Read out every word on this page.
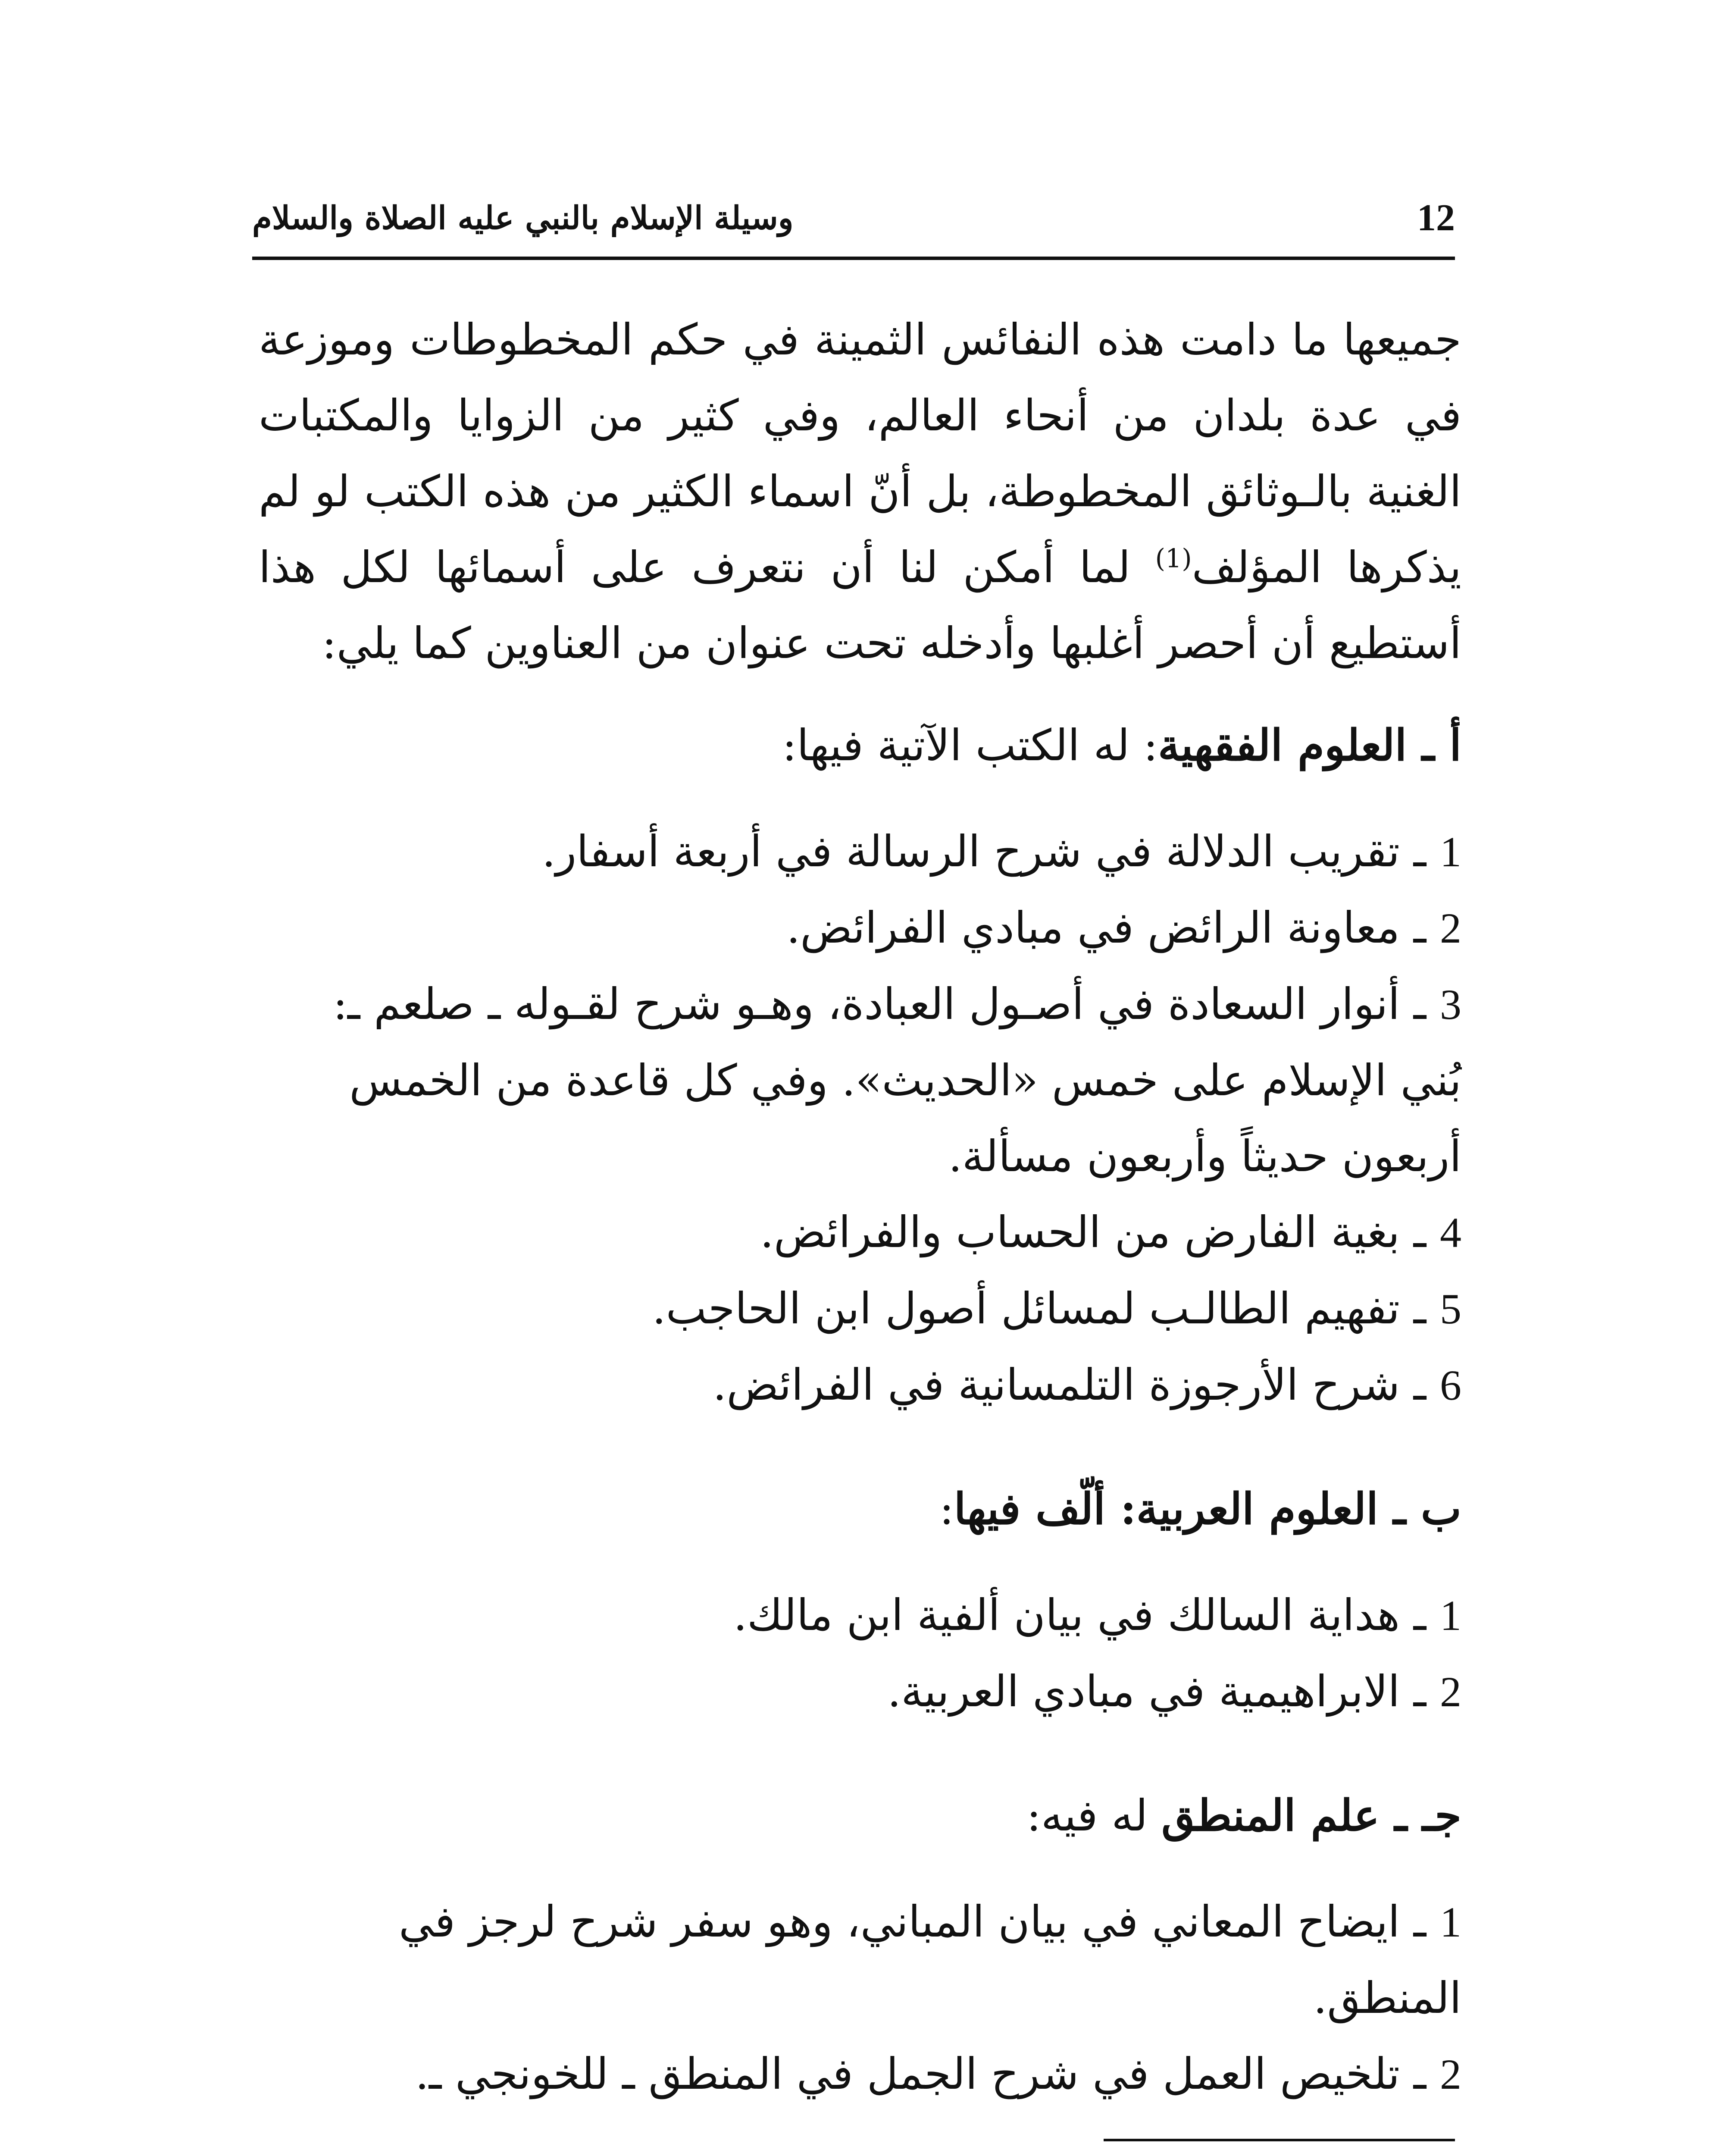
12
وسيلة الإسلام بالنبي عليه الصلاة والسلام

جميعها ما دامت هذه النفائس الثمينة في حكم المخطوطات وموزعة في عدة بلدان من أنحاء العالم، وفي كثير من الزوايا والمكتبات الغنية بالـوثائق المخطوطة، بل أنّ اسماء الكثير من هذه الكتب لو لم يذكرها المؤلف$^{(1)}$ لما أمكن لنا أن نتعرف على أسمائها لكل هذا أستطيع أن أحصر أغلبها وأدخله تحت عنوان من العناوين كما يلي:

أ ـ العلوم الفقهية: له الكتب الآتية فيها:

1 ـ تقريب الدلالة في شرح الرسالة في أربعة أسفار.
2 ـ معاونة الرائض في مبادي الفرائض.
3 ـ أنوار السعادة في أصـول العبادة، وهـو شرح لقـوله ـ صلعم ـ: بُني الإسلام على خمس «الحديث». وفي كل قاعدة من الخمس أربعون حديثاً وأربعون مسألة.
4 ـ بغية الفارض من الحساب والفرائض.
5 ـ تفهيم الطالـب لمسائل أصول ابن الحاجب.
6 ـ شرح الأرجوزة التلمسانية في الفرائض.

ب ـ العلوم العربية: ألّف فيها:

1 ـ هداية السالك في بيان ألفية ابن مالك.
2 ـ الابراهيمية في مبادي العربية.

جـ ـ علم المنطق له فيه:

1 ـ ايضاح المعاني في بيان المباني، وهو سفر شرح لرجز في المنطق.
2 ـ تلخيص العمل في شرح الجمل في المنطق ـ للخونجي ـ.
